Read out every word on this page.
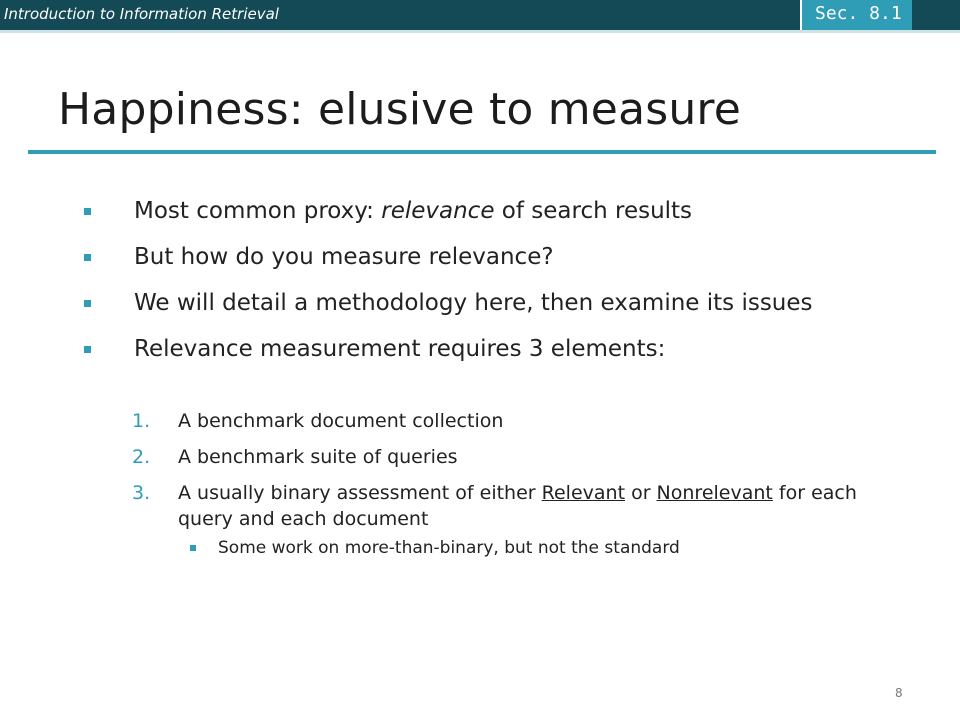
Introduction to Information Retrieval	Sec. 8.1
Happiness: elusive to measure
Most common proxy: relevance of search results
But how do you measure relevance?
We will detail a methodology here, then examine its issues
Relevance measurement requires 3 elements:
1. A benchmark document collection
2. A benchmark suite of queries
3. A usually binary assessment of either Relevant or Nonrelevant for each query and each document
Some work on more-than-binary, but not the standard
8
